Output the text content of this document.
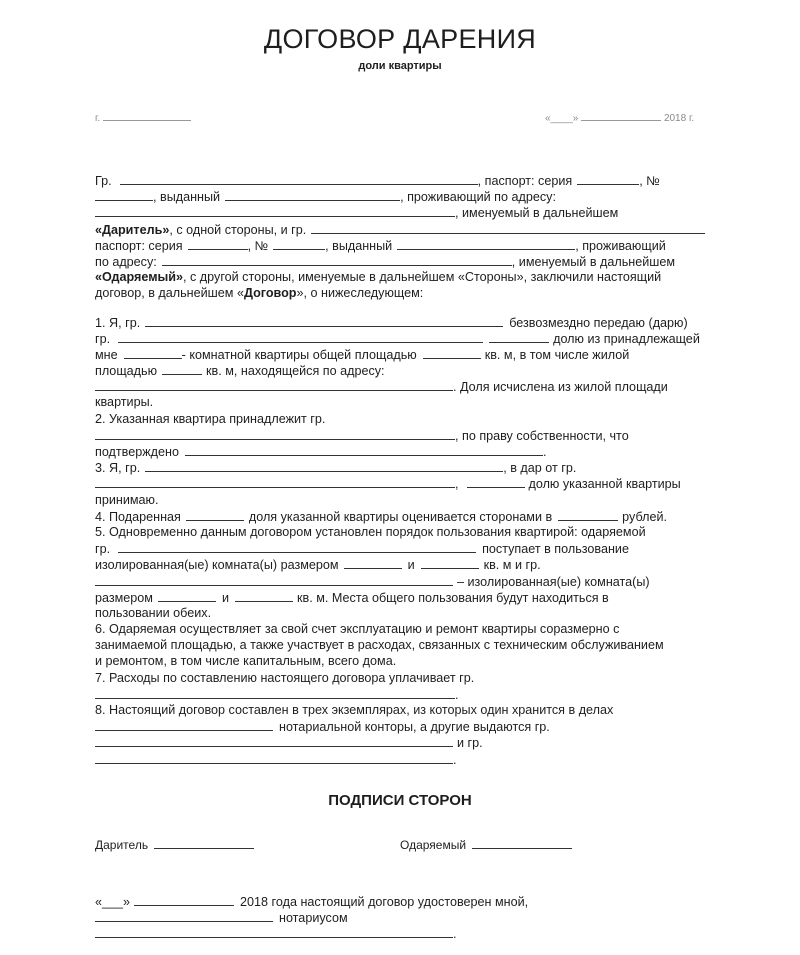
ДОГОВОР ДАРЕНИЯ
доли квартиры
г.	«____»	2018 г.
Гр.	, паспорт: серия	, №
, выданный	, проживающий по адресу:
, именуемый в дальнейшем
«Даритель» , с одной стороны, и гр.
паспорт: серия	, №	, выданный	, проживающий
по адресу:	, именуемый в дальнейшем
«Одаряемый» , с другой стороны, именуемые в дальнейшем «Стороны», заключили настоящий
договор, в дальнейшем « Договор », о нижеследующем:
1. Я, гр.	безвозмездно передаю (дарю)
гр.	долю из принадлежащей
мне	- комнатной квартиры общей площадью	кв. м, в том числе жилой
площадью	кв. м, находящейся по адресу:
. Доля исчислена из жилой площади
квартиры.
2. Указанная квартира принадлежит гр.
, по праву собственности, что
подтверждено	.
3. Я, гр.	, в дар от гр.
,	долю указанной квартиры
принимаю.
4. Подаренная	доля указанной квартиры оценивается сторонами в	рублей.
5. Одновременно данным договором установлен порядок пользования квартирой: одаряемой
гр.	поступает в пользование
изолированная(ые) комната(ы) размером	и	кв. м и гр.
– изолированная(ые) комната(ы)
размером	и	кв. м. Места общего пользования будут находиться в
пользовании обеих.
6. Одаряемая осуществляет за свой счет эксплуатацию и ремонт квартиры соразмерно с
занимаемой площадью, а также участвует в расходах, связанных с техническим обслуживанием
и ремонтом, в том числе капитальным, всего дома.
7. Расходы по составлению настоящего договора уплачивает гр.
.
8. Настоящий договор составлен в трех экземплярах, из которых один хранится в делах
нотариальной конторы, а другие выдаются гр.
и гр.
.
ПОДПИСИ СТОРОН
Даритель	Одаряемый
«___»	2018 года настоящий договор удостоверен мной,
нотариусом
.
